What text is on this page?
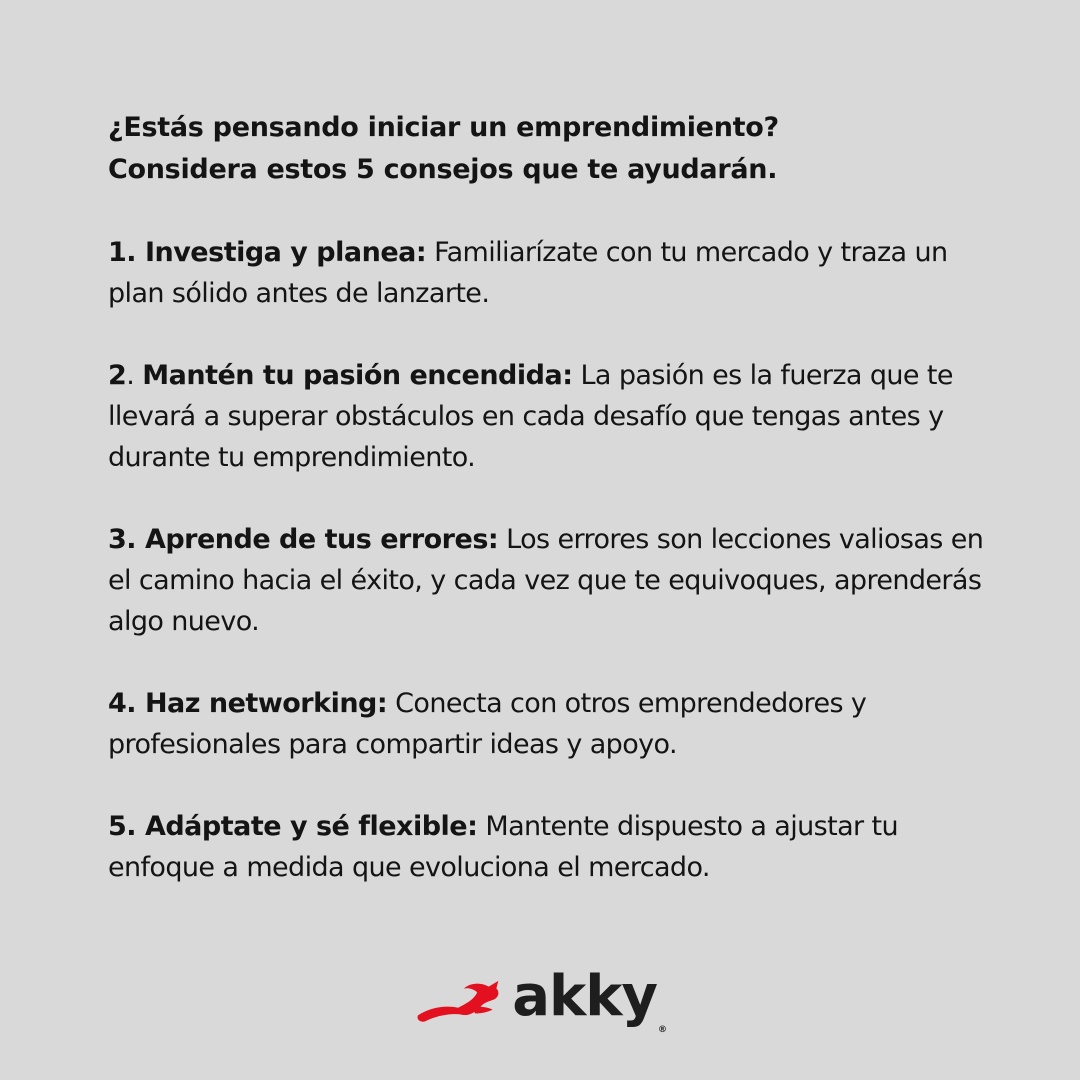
¿Estás pensando iniciar un emprendimiento?
Considera estos 5 consejos que te ayudarán.

1. Investiga y planea: Familiarízate con tu mercado y traza un plan sólido antes de lanzarte.

2. Mantén tu pasión encendida: La pasión es la fuerza que te llevará a superar obstáculos en cada desafío que tengas antes y durante tu emprendimiento.

3. Aprende de tus errores: Los errores son lecciones valiosas en el camino hacia el éxito, y cada vez que te equivoques, aprenderás algo nuevo.

4. Haz networking: Conecta con otros emprendedores y profesionales para compartir ideas y apoyo.

5. Adáptate y sé flexible: Mantente dispuesto a ajustar tu enfoque a medida que evoluciona el mercado.

akky®
